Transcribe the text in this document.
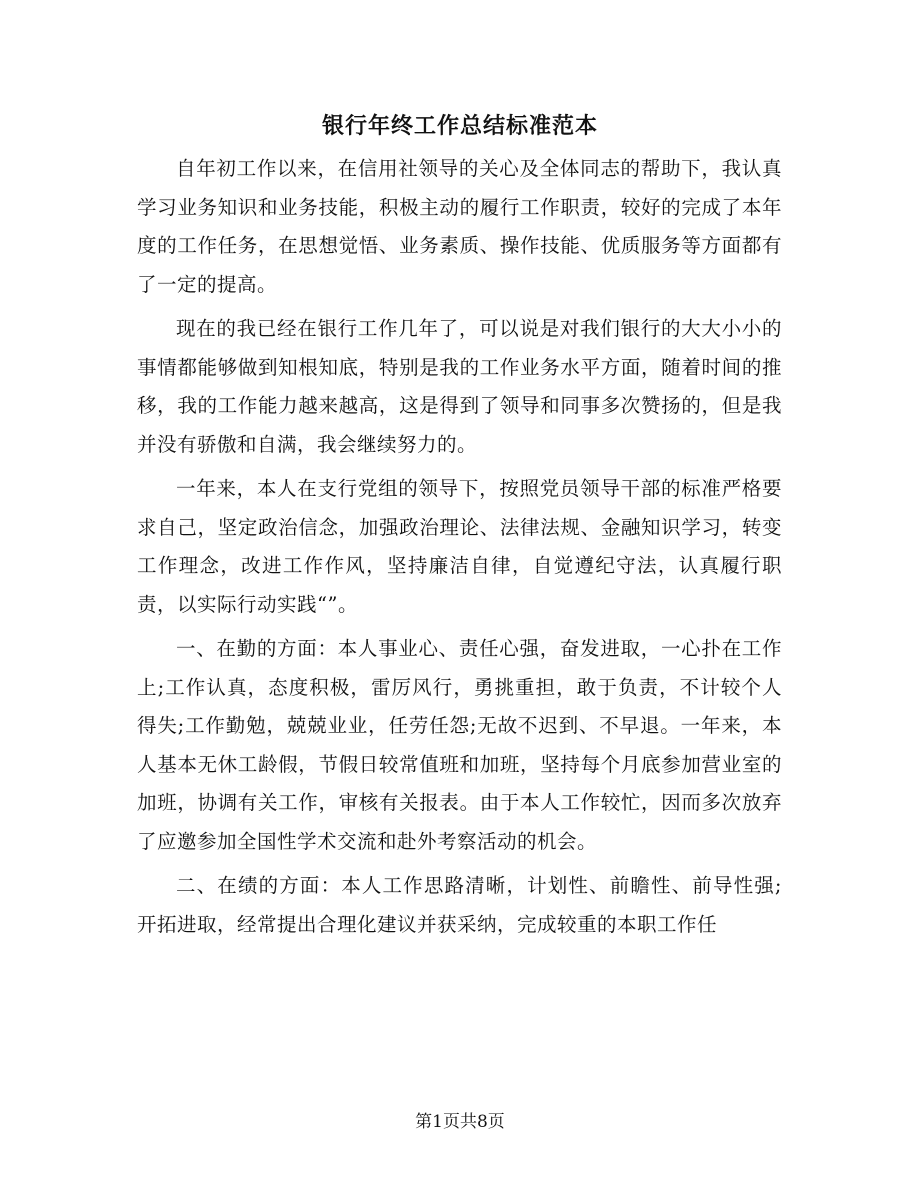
银行年终工作总结标准范本

自年初工作以来，在信用社领导的关心及全体同志的帮助下，我认真学习业务知识和业务技能，积极主动的履行工作职责，较好的完成了本年度的工作任务，在思想觉悟、业务素质、操作技能、优质服务等方面都有了一定的提高。

现在的我已经在银行工作几年了，可以说是对我们银行的大大小小的事情都能够做到知根知底，特别是我的工作业务水平方面，随着时间的推移，我的工作能力越来越高，这是得到了领导和同事多次赞扬的，但是我并没有骄傲和自满，我会继续努力的。

一年来，本人在支行党组的领导下，按照党员领导干部的标准严格要求自己，坚定政治信念，加强政治理论、法律法规、金融知识学习，转变工作理念，改进工作作风，坚持廉洁自律，自觉遵纪守法，认真履行职责，以实际行动实践“”。

一、在勤的方面：本人事业心、责任心强，奋发进取，一心扑在工作上;工作认真，态度积极，雷厉风行，勇挑重担，敢于负责，不计较个人得失;工作勤勉，兢兢业业，任劳任怨;无故不迟到、不早退。一年来，本人基本无休工龄假，节假日较常值班和加班，坚持每个月底参加营业室的加班，协调有关工作，审核有关报表。由于本人工作较忙，因而多次放弃了应邀参加全国性学术交流和赴外考察活动的机会。

二、在绩的方面：本人工作思路清晰，计划性、前瞻性、前导性强;开拓进取，经常提出合理化建议并获采纳，完成较重的本职工作任

第1页共8页
